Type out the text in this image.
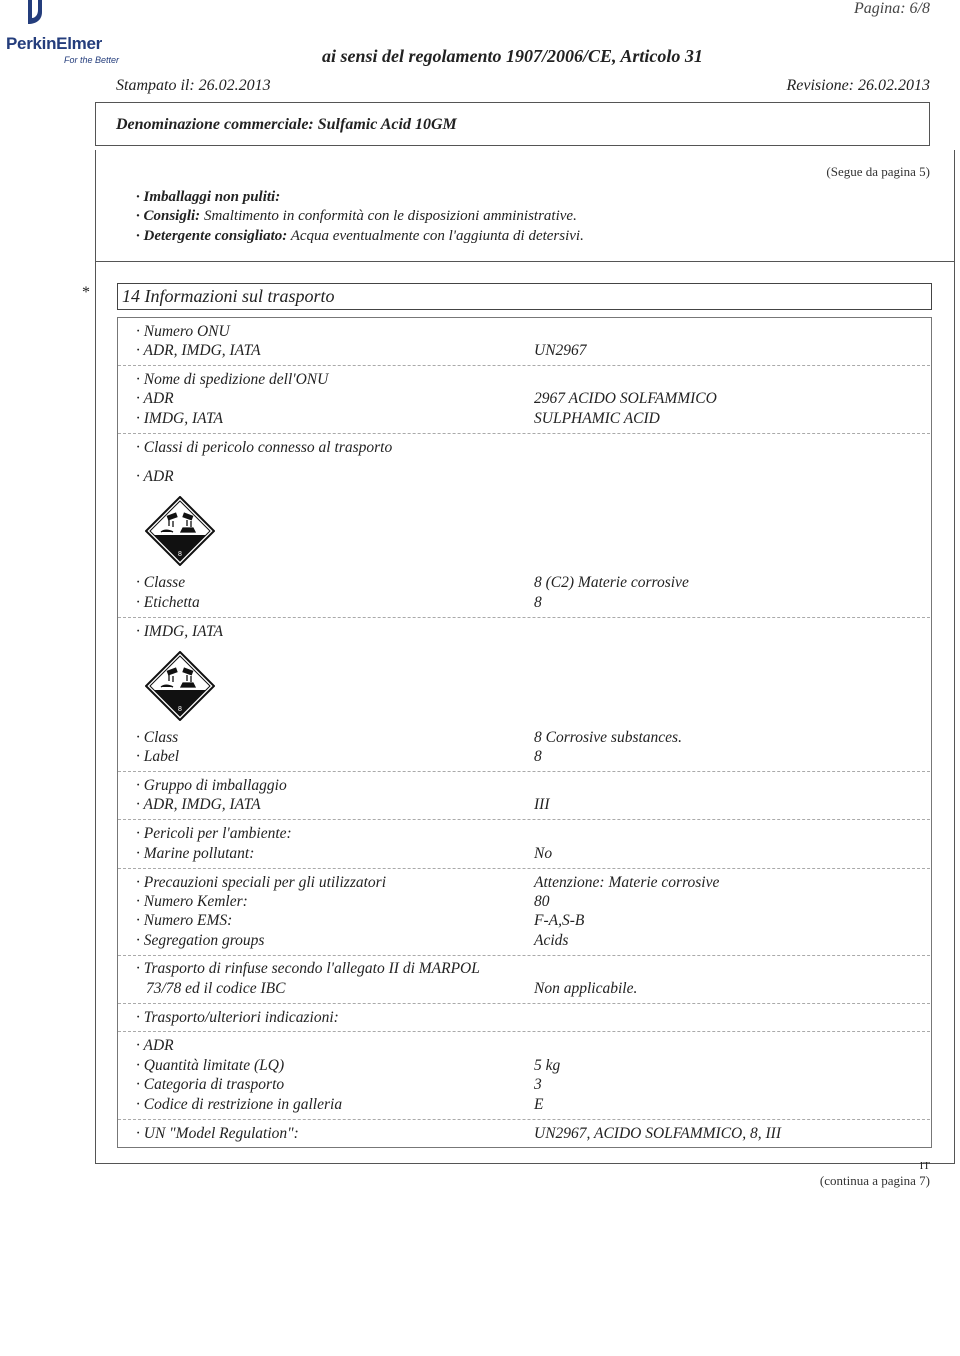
PerkinElmer
For the Better
Pagina: 6/8
ai sensi del regolamento 1907/2006/CE, Articolo 31
Stampato il: 26.02.2013	Revisione: 26.02.2013
Denominazione commerciale: Sulfamic Acid 10GM
(Segue da pagina 5)
· Imballaggi non puliti:
· Consigli: Smaltimento in conformità con le disposizioni amministrative.
· Detergente consigliato: Acqua eventualmente con l'aggiunta di detersivi.
* 14 Informazioni sul trasporto
· Numero ONU
· ADR, IMDG, IATA	UN2967
· Nome di spedizione dell'ONU
· ADR	2967 ACIDO SOLFAMMICO
· IMDG, IATA	SULPHAMIC ACID
· Classi di pericolo connesso al trasporto
· ADR
8
· Classe	8 (C2) Materie corrosive
· Etichetta	8
· IMDG, IATA
8
· Class	8 Corrosive substances.
· Label	8
· Gruppo di imballaggio
· ADR, IMDG, IATA	III
· Pericoli per l'ambiente:
· Marine pollutant:	No
· Precauzioni speciali per gli utilizzatori	Attenzione: Materie corrosive
· Numero Kemler:	80
· Numero EMS:	F-A,S-B
· Segregation groups	Acids
· Trasporto di rinfuse secondo l'allegato II di MARPOL
73/78 ed il codice IBC	Non applicabile.
· Trasporto/ulteriori indicazioni:
· ADR
· Quantità limitate (LQ)	5 kg
· Categoria di trasporto	3
· Codice di restrizione in galleria	E
· UN "Model Regulation":	UN2967, ACIDO SOLFAMMICO, 8, III
IT
(continua a pagina 7)
